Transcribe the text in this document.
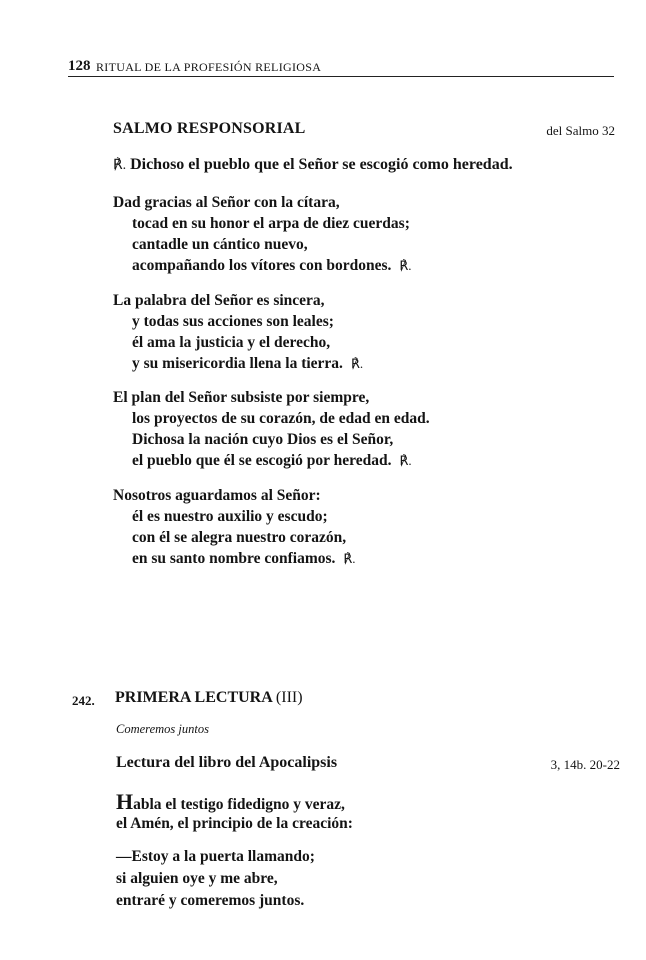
128 RITUAL DE LA PROFESIÓN RELIGIOSA
SALMO RESPONSORIAL	del Salmo 32
℟. Dichoso el pueblo que el Señor se escogió como heredad.
Dad gracias al Señor con la cítara,
tocad en su honor el arpa de diez cuerdas;
cantadle un cántico nuevo,
acompañando los vítores con bordones. ℟.
La palabra del Señor es sincera,
y todas sus acciones son leales;
él ama la justicia y el derecho,
y su misericordia llena la tierra. ℟.
El plan del Señor subsiste por siempre,
los proyectos de su corazón, de edad en edad.
Dichosa la nación cuyo Dios es el Señor,
el pueblo que él se escogió por heredad. ℟.
Nosotros aguardamos al Señor:
él es nuestro auxilio y escudo;
con él se alegra nuestro corazón,
en su santo nombre confiamos. ℟.
242. PRIMERA LECTURA (III)
Comeremos juntos
Lectura del libro del Apocalipsis	3, 14b. 20-22
Habla el testigo fidedigno y veraz,
el Amén, el principio de la creación:
—Estoy a la puerta llamando;
si alguien oye y me abre,
entraré y comeremos juntos.
